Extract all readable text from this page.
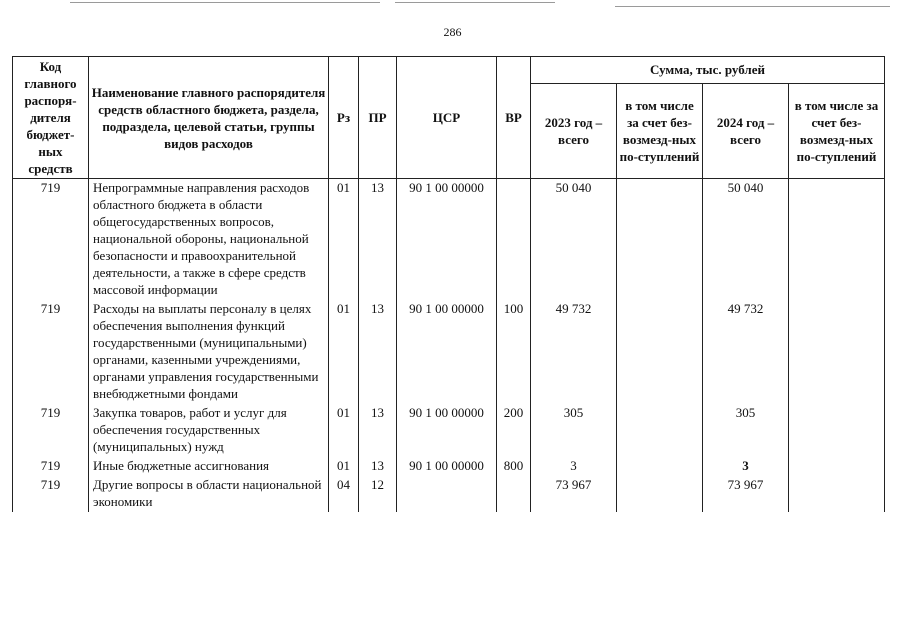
286
Код главного распоря-дителя бюджет-ных средств	Наименование главного распорядителя средств областного бюджета, раздела, подраздела, целевой статьи, группы видов расходов	Рз	ПР	ЦСР	ВР	Сумма, тыс. рублей			
						2023 год – всего	в том числе за счет без-возмезд-ных по-ступлений	2024 год – всего	в том числе за счет без-возмезд-ных по-ступлений
719	Непрограммные направления расходов областного бюджета в области общегосударственных вопросов, национальной обороны, национальной безопасности и правоохранительной деятельности, а также в сфере средств массовой информации	01	13	90 1 00 00000		50 040		50 040	
719	Расходы на выплаты персоналу в целях обеспечения выполнения функций государственными (муниципальными) органами, казенными учреждениями, органами управления государственными внебюджетными фондами	01	13	90 1 00 00000	100	49 732		49 732	
719	Закупка товаров, работ и услуг для обеспечения государственных (муниципальных) нужд	01	13	90 1 00 00000	200	305		305	
719	Иные бюджетные ассигнования	01	13	90 1 00 00000	800	3		3	
719	Другие вопросы в области национальной экономики	04	12			73 967		73 967	
